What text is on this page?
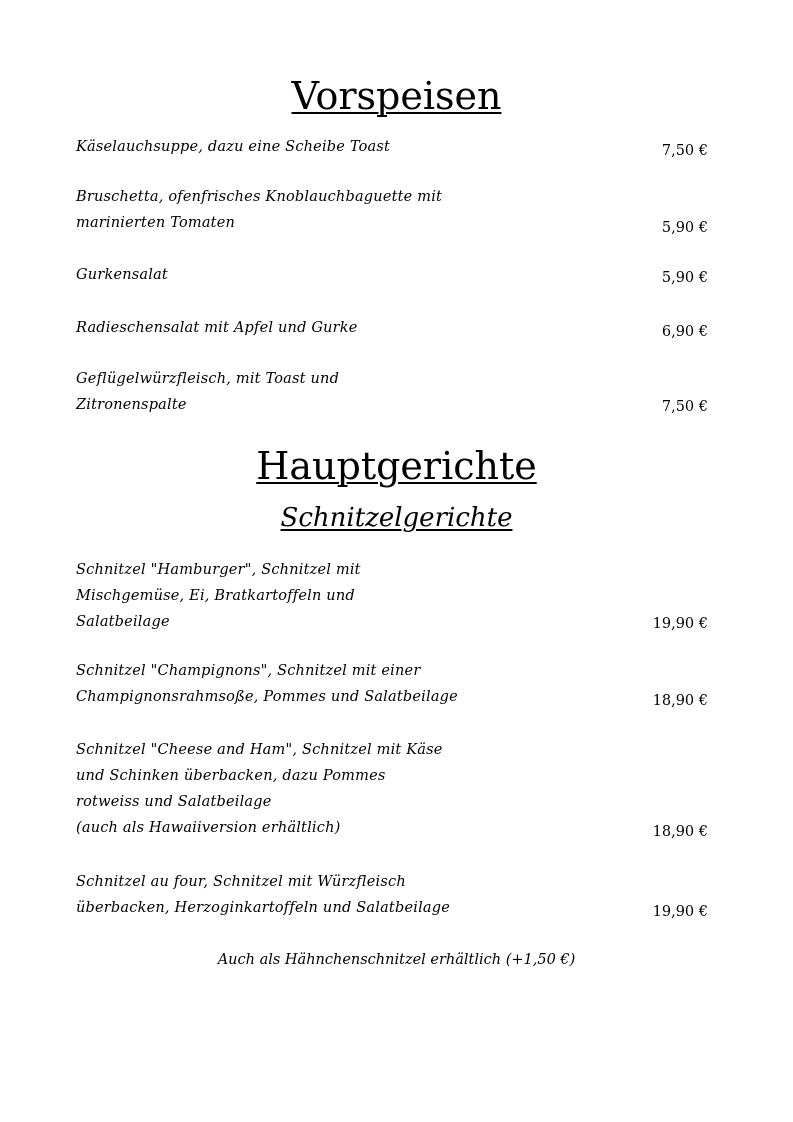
Vorspeisen
Käselauchsuppe, dazu eine Scheibe Toast	7,50 €
Bruschetta, ofenfrisches Knoblauchbaguette mit
marinierten Tomaten	5,90 €
Gurkensalat	5,90 €
Radieschensalat mit Apfel und Gurke	6,90 €
Geflügelwürzfleisch, mit Toast und
Zitronenspalte	7,50 €
Hauptgerichte
Schnitzelgerichte
Schnitzel "Hamburger", Schnitzel mit
Mischgemüse, Ei, Bratkartoffeln und
Salatbeilage	19,90 €
Schnitzel "Champignons", Schnitzel mit einer
Champignonsrahmsoße, Pommes und Salatbeilage	18,90 €
Schnitzel "Cheese and Ham", Schnitzel mit Käse
und Schinken überbacken, dazu Pommes
rotweiss und Salatbeilage
(auch als Hawaiiversion erhältlich)	18,90 €
Schnitzel au four, Schnitzel mit Würzfleisch
überbacken, Herzoginkartoffeln und Salatbeilage	19,90 €
Auch als Hähnchenschnitzel erhältlich (+1,50 €)
